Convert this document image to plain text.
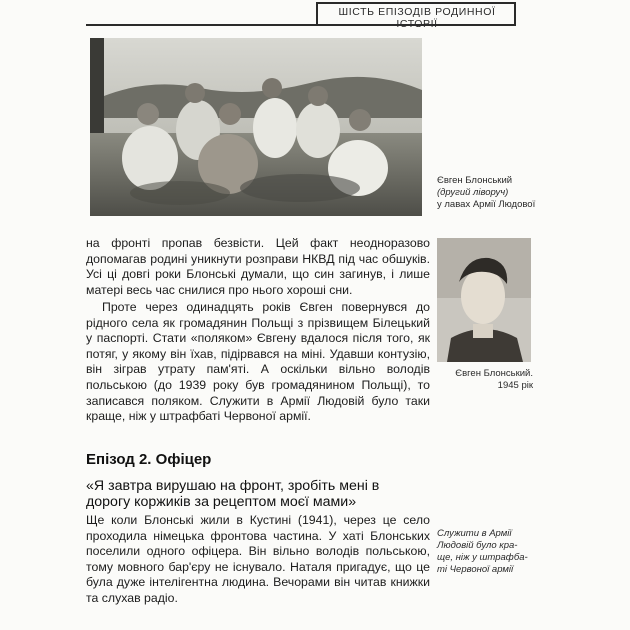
ШІСТЬ ЕПІЗОДІВ РОДИННОЇ ІСТОРІЇ
Євген Блонський
(другий ліворуч)
у лавах Армії Людової

на фронті пропав безвісти. Цей факт неодноразово допомагав родині уникнути розправи НКВД під час обшуків. Усі ці довгі роки Блонські думали, що син загинув, і лише матері весь час снилися про нього хороші сни.

Проте через одинадцять років Євген повернувся до рідного села як громадянин Польщі з прізвищем Білецький у паспорті. Стати «поляком» Євгену вдалося після того, як потяг, у якому він їхав, підірвався на міні. Удавши контузію, він зіграв утрату пам'яті. А оскільки вільно володів польською (до 1939 року був громадянином Польщі), то записався поляком. Служити в Армії Людовій було таки краще, ніж у штрафбаті Червоної армії.

Євген Блонський.
1945 рік
Епізод 2. Офіцер
«Я завтра вирушаю на фронт, зробіть мені в дорогу коржиків за рецептом моєї мами»

Ще коли Блонські жили в Кустині (1941), через це село проходила німецька фронтова частина. У хаті Блонських поселили одного офіцера. Він вільно володів польською, тому мовного бар'єру не існувало. Наталя пригадує, що це була дуже інтелігентна людина. Вечорами він читав книжки та слухав радіо.

Служити в Армії
Людовій було кра-
ще, ніж у штрафба-
ті Червоної армії
